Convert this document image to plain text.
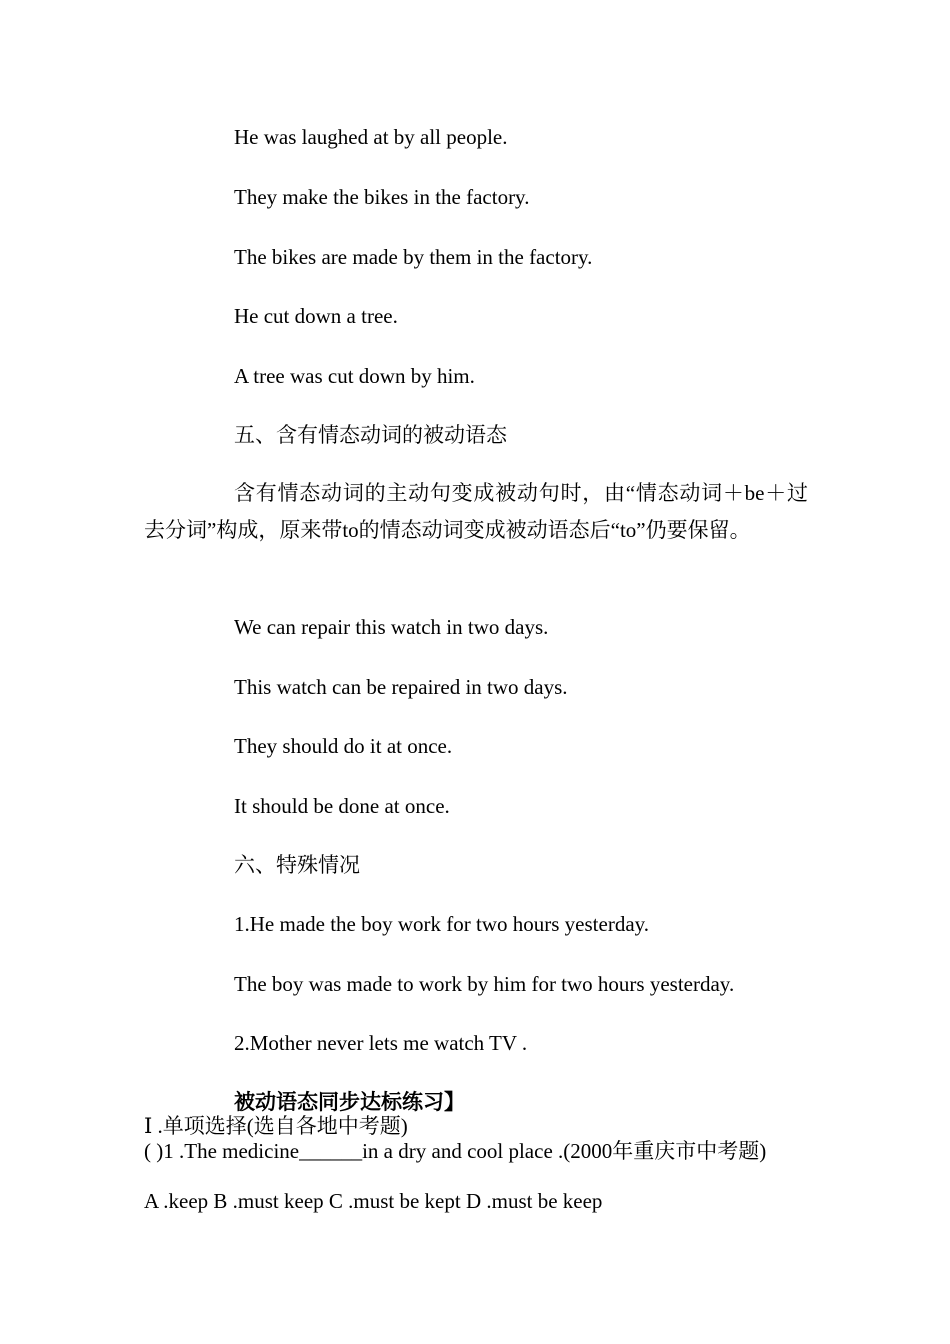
He was laughed at by all people.
They make the bikes in the factory.
The bikes are made by them in the factory.
He cut down a tree.
A tree was cut down by him.
五、含有情态动词的被动语态
含有情态动词的主动句变成被动句时，由“情态动词＋be＋过去分词”构成，原来带to的情态动词变成被动语态后“to”仍要保留。
We can repair this watch in two days.
This watch can be repaired in two days.
They should do it at once.
It should be done at once.
六、特殊情况
1.He made the boy work for two hours yesterday.
The boy was made to work by him for two hours yesterday.
2.Mother never lets me watch TV .
被动语态同步达标练习】
Ⅰ .单项选择(选自各地中考题)
( )1 .The medicine______in a dry and cool place .(2000年重庆市中考题)
A .keep B .must keep C .must be kept D .must be keep
